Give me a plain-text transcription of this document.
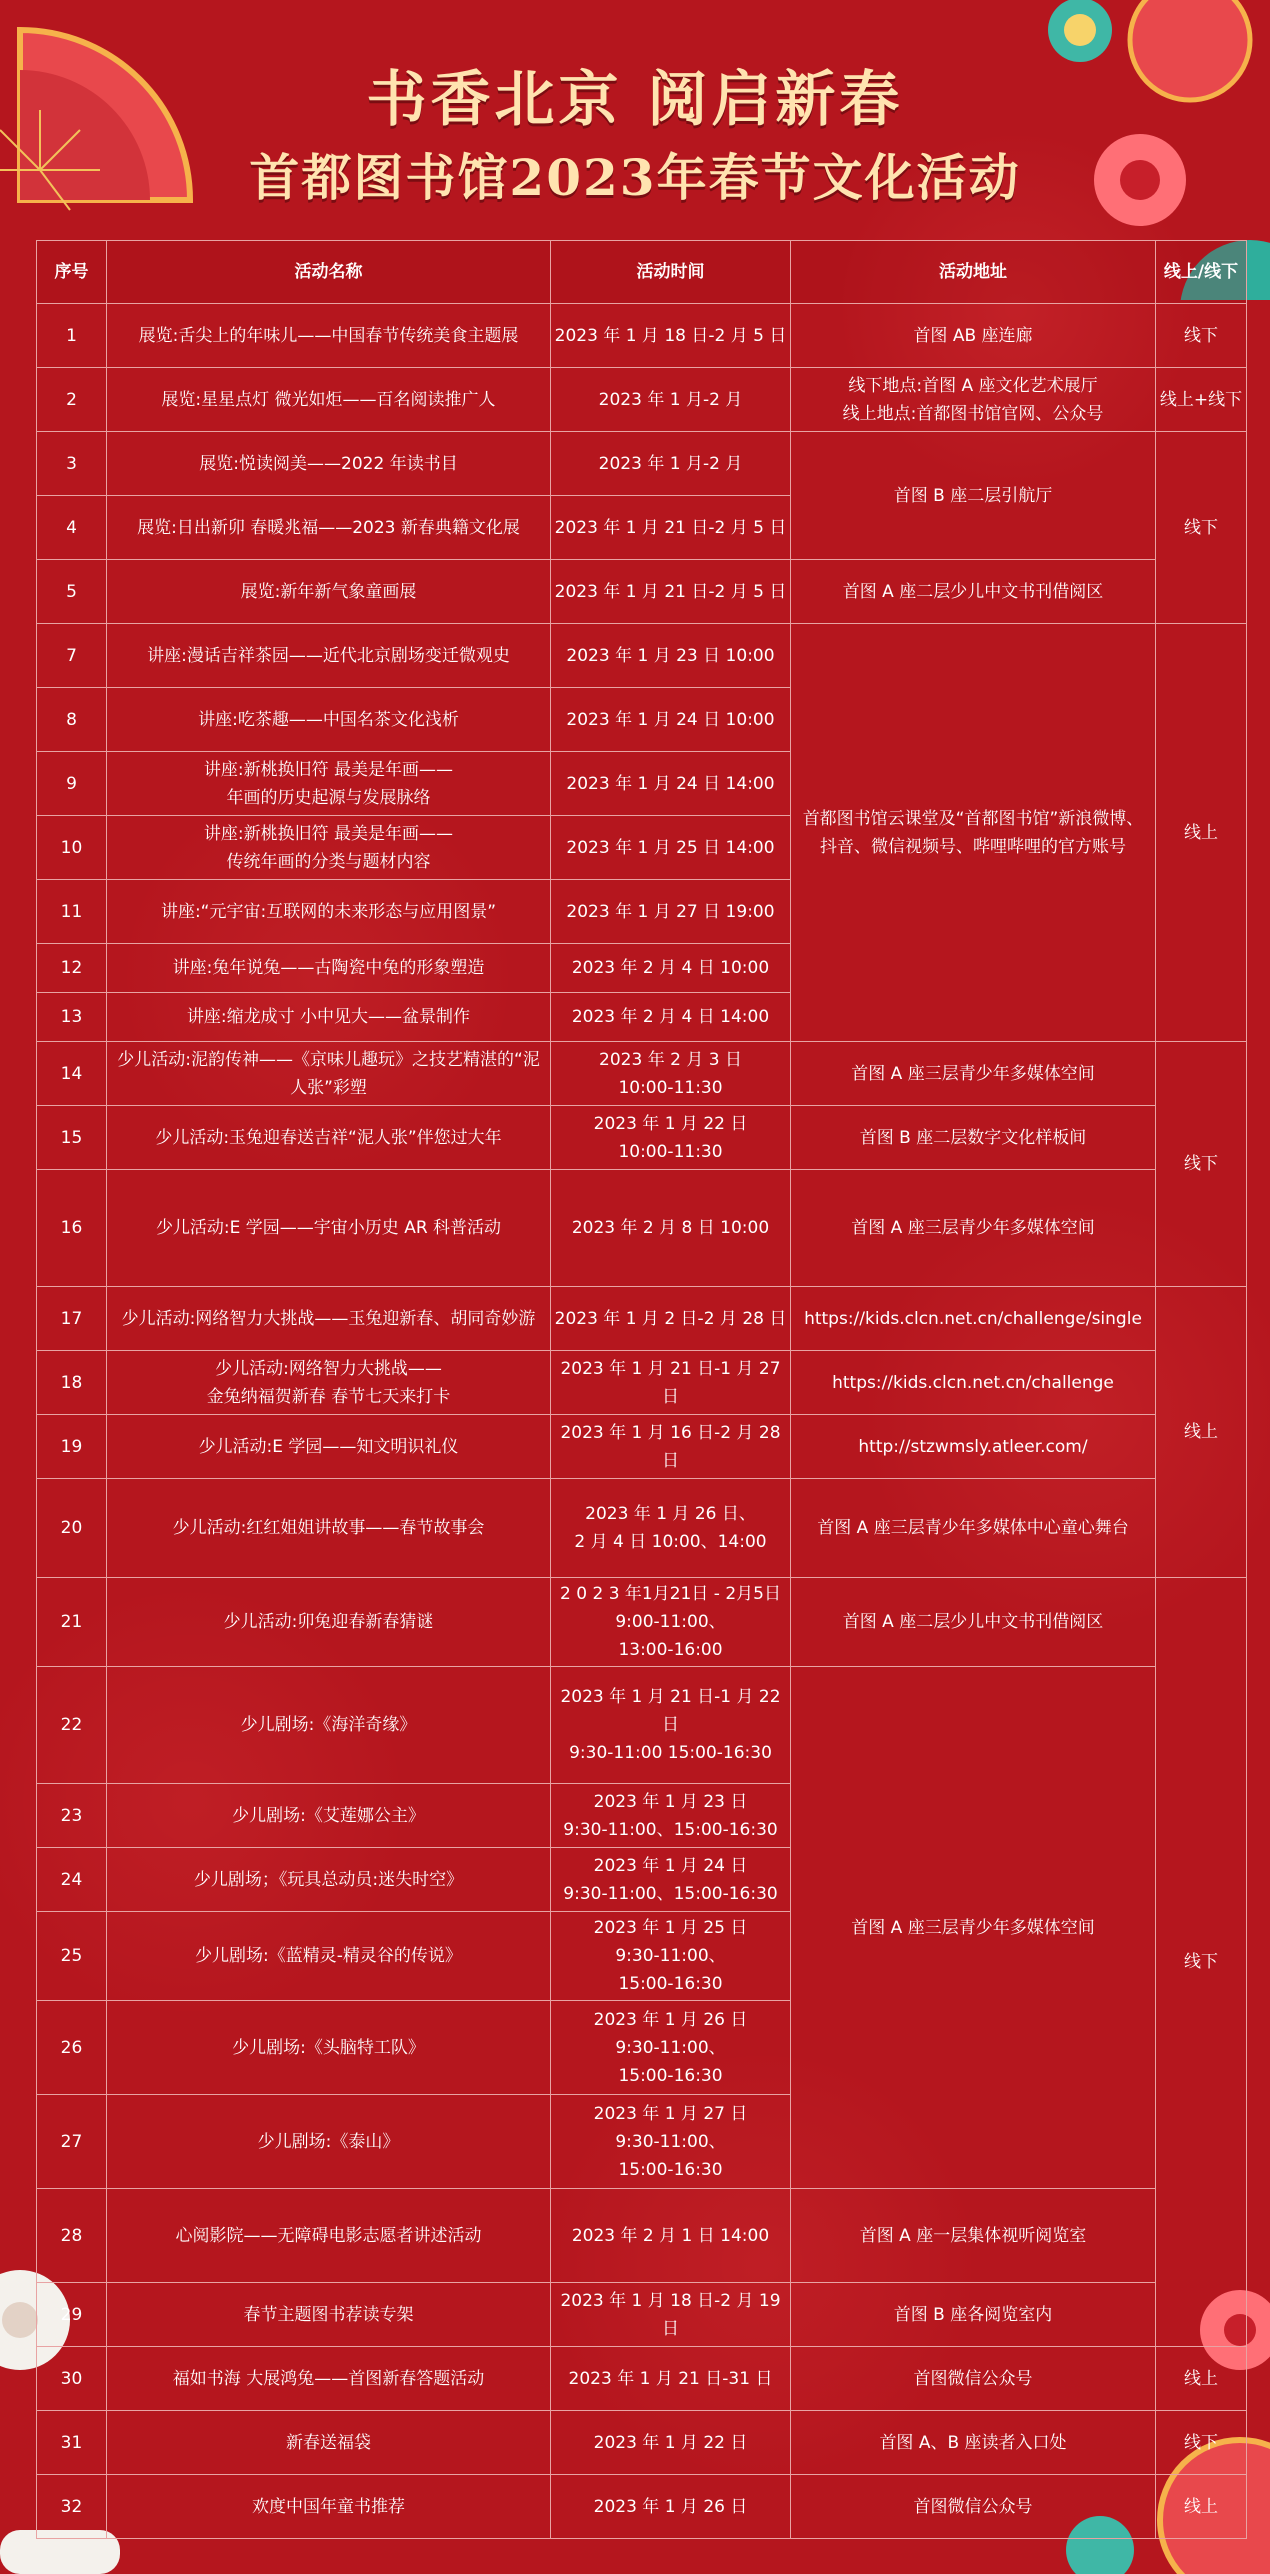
书香北京 阅启新春
首都图书馆2023年春节文化活动
序号	活动名称	活动时间	活动地址	线上/线下
1	展览:舌尖上的年味儿——中国春节传统美食主题展	2023 年 1 月 18 日-2 月 5 日	首图 AB 座连廊	线下
2	展览:星星点灯 微光如炬——百名阅读推广人	2023 年 1 月-2 月	线下地点:首图 A 座文化艺术展厅
线上地点:首都图书馆官网、公众号	线上+线下
3	展览:悦读阅美——2022 年读书目	2023 年 1 月-2 月	首图 B 座二层引航厅	线下
4	展览:日出新卯 春暖兆福——2023 新春典籍文化展	2023 年 1 月 21 日-2 月 5 日		
5	展览:新年新气象童画展	2023 年 1 月 21 日-2 月 5 日	首图 A 座二层少儿中文书刊借阅区	
7	讲座:漫话吉祥茶园——近代北京剧场变迁微观史	2023 年 1 月 23 日 10:00	首都图书馆云课堂及“首都图书馆”新浪微博、
抖音、微信视频号、哔哩哔哩的官方账号	线上
8	讲座:吃茶趣——中国名茶文化浅析	2023 年 1 月 24 日 10:00		
9	讲座:新桃换旧符 最美是年画——
年画的历史起源与发展脉络	2023 年 1 月 24 日 14:00		
10	讲座:新桃换旧符 最美是年画——
传统年画的分类与题材内容	2023 年 1 月 25 日 14:00		
11	讲座:“元宇宙:互联网的未来形态与应用图景”	2023 年 1 月 27 日 19:00		
12	讲座:兔年说兔——古陶瓷中兔的形象塑造	2023 年 2 月 4 日 10:00		
13	讲座:缩龙成寸 小中见大——盆景制作	2023 年 2 月 4 日 14:00		
14	少儿活动:泥韵传神——《京味儿趣玩》之技艺精湛的“泥人张”彩塑	2023 年 2 月 3 日
10:00-11:30	首图 A 座三层青少年多媒体空间	线下
15	少儿活动:玉兔迎春送吉祥“泥人张”伴您过大年	2023 年 1 月 22 日
10:00-11:30	首图 B 座二层数字文化样板间	
16	少儿活动:E 学园——宇宙小历史 AR 科普活动	2023 年 2 月 8 日 10:00	首图 A 座三层青少年多媒体空间	
17	少儿活动:网络智力大挑战——玉兔迎新春、胡同奇妙游	2023 年 1 月 2 日-2 月 28 日	https://kids.clcn.net.cn/challenge/single	线上
18	少儿活动:网络智力大挑战——
金兔纳福贺新春 春节七天来打卡	2023 年 1 月 21 日-1 月 27 日	https://kids.clcn.net.cn/challenge	
19	少儿活动:E 学园——知文明识礼仪	2023 年 1 月 16 日-2 月 28 日	http://stzwmsly.atleer.com/	
20	少儿活动:红红姐姐讲故事——春节故事会	2023 年 1 月 26 日、
2 月 4 日 10:00、14:00	首图 A 座三层青少年多媒体中心童心舞台	
21	少儿活动:卯兔迎春新春猜谜	2 0 2 3 年1月21日 - 2月5日
9:00-11:00、
13:00-16:00	首图 A 座二层少儿中文书刊借阅区	线下
22	少儿剧场:《海洋奇缘》	2023 年 1 月 21 日-1 月 22 日
9:30-11:00 15:00-16:30	首图 A 座三层青少年多媒体空间	
23	少儿剧场:《艾莲娜公主》	2023 年 1 月 23 日
9:30-11:00、15:00-16:30		
24	少儿剧场；《玩具总动员:迷失时空》	2023 年 1 月 24 日
9:30-11:00、15:00-16:30		
25	少儿剧场:《蓝精灵-精灵谷的传说》	2023 年 1 月 25 日
9:30-11:00、
15:00-16:30		
26	少儿剧场:《头脑特工队》	2023 年 1 月 26 日
9:30-11:00、
15:00-16:30		
27	少儿剧场:《泰山》	2023 年 1 月 27 日
9:30-11:00、
15:00-16:30		
28	心阅影院——无障碍电影志愿者讲述活动	2023 年 2 月 1 日 14:00	首图 A 座一层集体视听阅览室	
29	春节主题图书荐读专架	2023 年 1 月 18 日-2 月 19 日	首图 B 座各阅览室内	
30	福如书海 大展鸿兔——首图新春答题活动	2023 年 1 月 21 日-31 日	首图微信公众号	线上
31	新春送福袋	2023 年 1 月 22 日	首图 A、B 座读者入口处	线下
32	欢度中国年童书推荐	2023 年 1 月 26 日	首图微信公众号	线上
